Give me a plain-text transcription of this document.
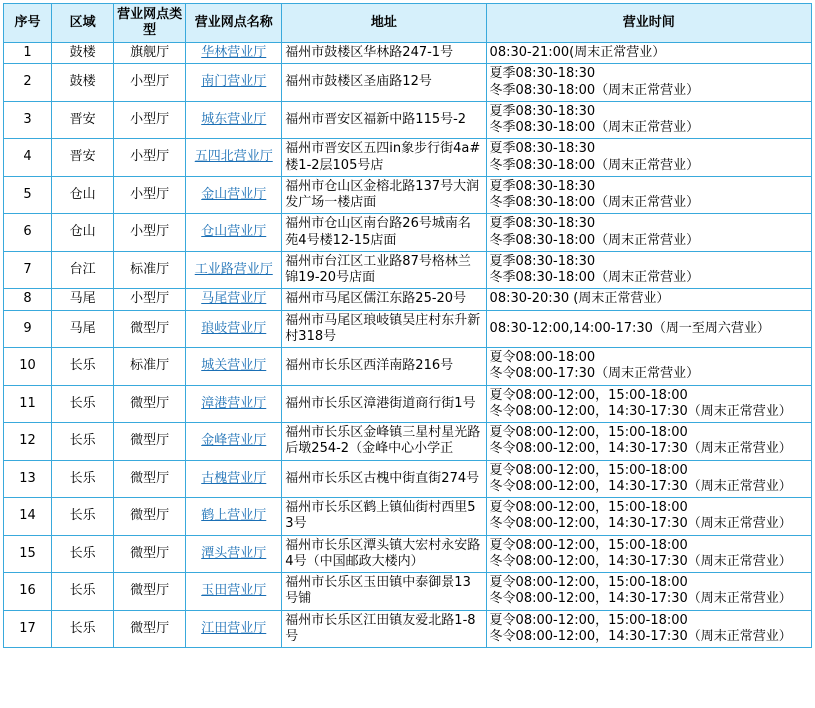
序号	区域	营业网点类型	营业网点名称	地址	营业时间
1	鼓楼	旗舰厅	华林营业厅	福州市鼓楼区华林路247-1号	08:30-21:00(周末正常营业）

2	鼓楼	小型厅	南门营业厅	福州市鼓楼区圣庙路12号	夏季08:30-18:30
冬季08:30-18:00（周末正常营业）

3	晋安	小型厅	城东营业厅	福州市晋安区福新中路115号-2	夏季08:30-18:30
冬季08:30-18:00（周末正常营业）

4	晋安	小型厅	五四北营业厅	福州市晋安区五四in象步行街4a#楼1-2层105号店	夏季08:30-18:30
冬季08:30-18:00（周末正常营业）

5	仓山	小型厅	金山营业厅	福州市仓山区金榕北路137号大润发广场一楼店面	夏季08:30-18:30
冬季08:30-18:00（周末正常营业）

6	仓山	小型厅	仓山营业厅	福州市仓山区南台路26号城南名苑4号楼12-15店面	夏季08:30-18:30
冬季08:30-18:00（周末正常营业）

7	台江	标准厅	工业路营业厅	福州市台江区工业路87号格林兰锦19-20号店面	夏季08:30-18:30
冬季08:30-18:00（周末正常营业）

8	马尾	小型厅	马尾营业厅	福州市马尾区儒江东路25-20号	08:30-20:30 (周末正常营业）

9	马尾	微型厅	琅岐营业厅	福州市马尾区琅岐镇吴庄村东升新村318号	08:30-12:00,14:00-17:30（周一至周六营业）

10	长乐	标准厅	城关营业厅	福州市长乐区西洋南路216号	夏令08:00-18:00
冬令08:00-17:30（周末正常营业）

11	长乐	微型厅	漳港营业厅	福州市长乐区漳港街道商行街1号	夏令08:00-12:00，15:00-18:00
冬令08:00-12:00，14:30-17:30（周末正常营业）

12	长乐	微型厅	金峰营业厅	福州市长乐区金峰镇三星村星光路后墩254-2（金峰中心小学正	夏令08:00-12:00，15:00-18:00
冬令08:00-12:00，14:30-17:30（周末正常营业）

13	长乐	微型厅	古槐营业厅	福州市长乐区古槐中街直街274号	夏令08:00-12:00，15:00-18:00
冬令08:00-12:00，14:30-17:30（周末正常营业）

14	长乐	微型厅	鹤上营业厅	福州市长乐区鹤上镇仙街村西里53号	夏令08:00-12:00，15:00-18:00
冬令08:00-12:00，14:30-17:30（周末正常营业）

15	长乐	微型厅	潭头营业厅	福州市长乐区潭头镇大宏村永安路4号（中国邮政大楼内）	夏令08:00-12:00，15:00-18:00
冬令08:00-12:00，14:30-17:30（周末正常营业）

16	长乐	微型厅	玉田营业厅	福州市长乐区玉田镇中泰御景13号铺	夏令08:00-12:00，15:00-18:00
冬令08:00-12:00，14:30-17:30（周末正常营业）

17	长乐	微型厅	江田营业厅	福州市长乐区江田镇友爱北路1-8号	夏令08:00-12:00，15:00-18:00
冬令08:00-12:00，14:30-17:30（周末正常营业）
